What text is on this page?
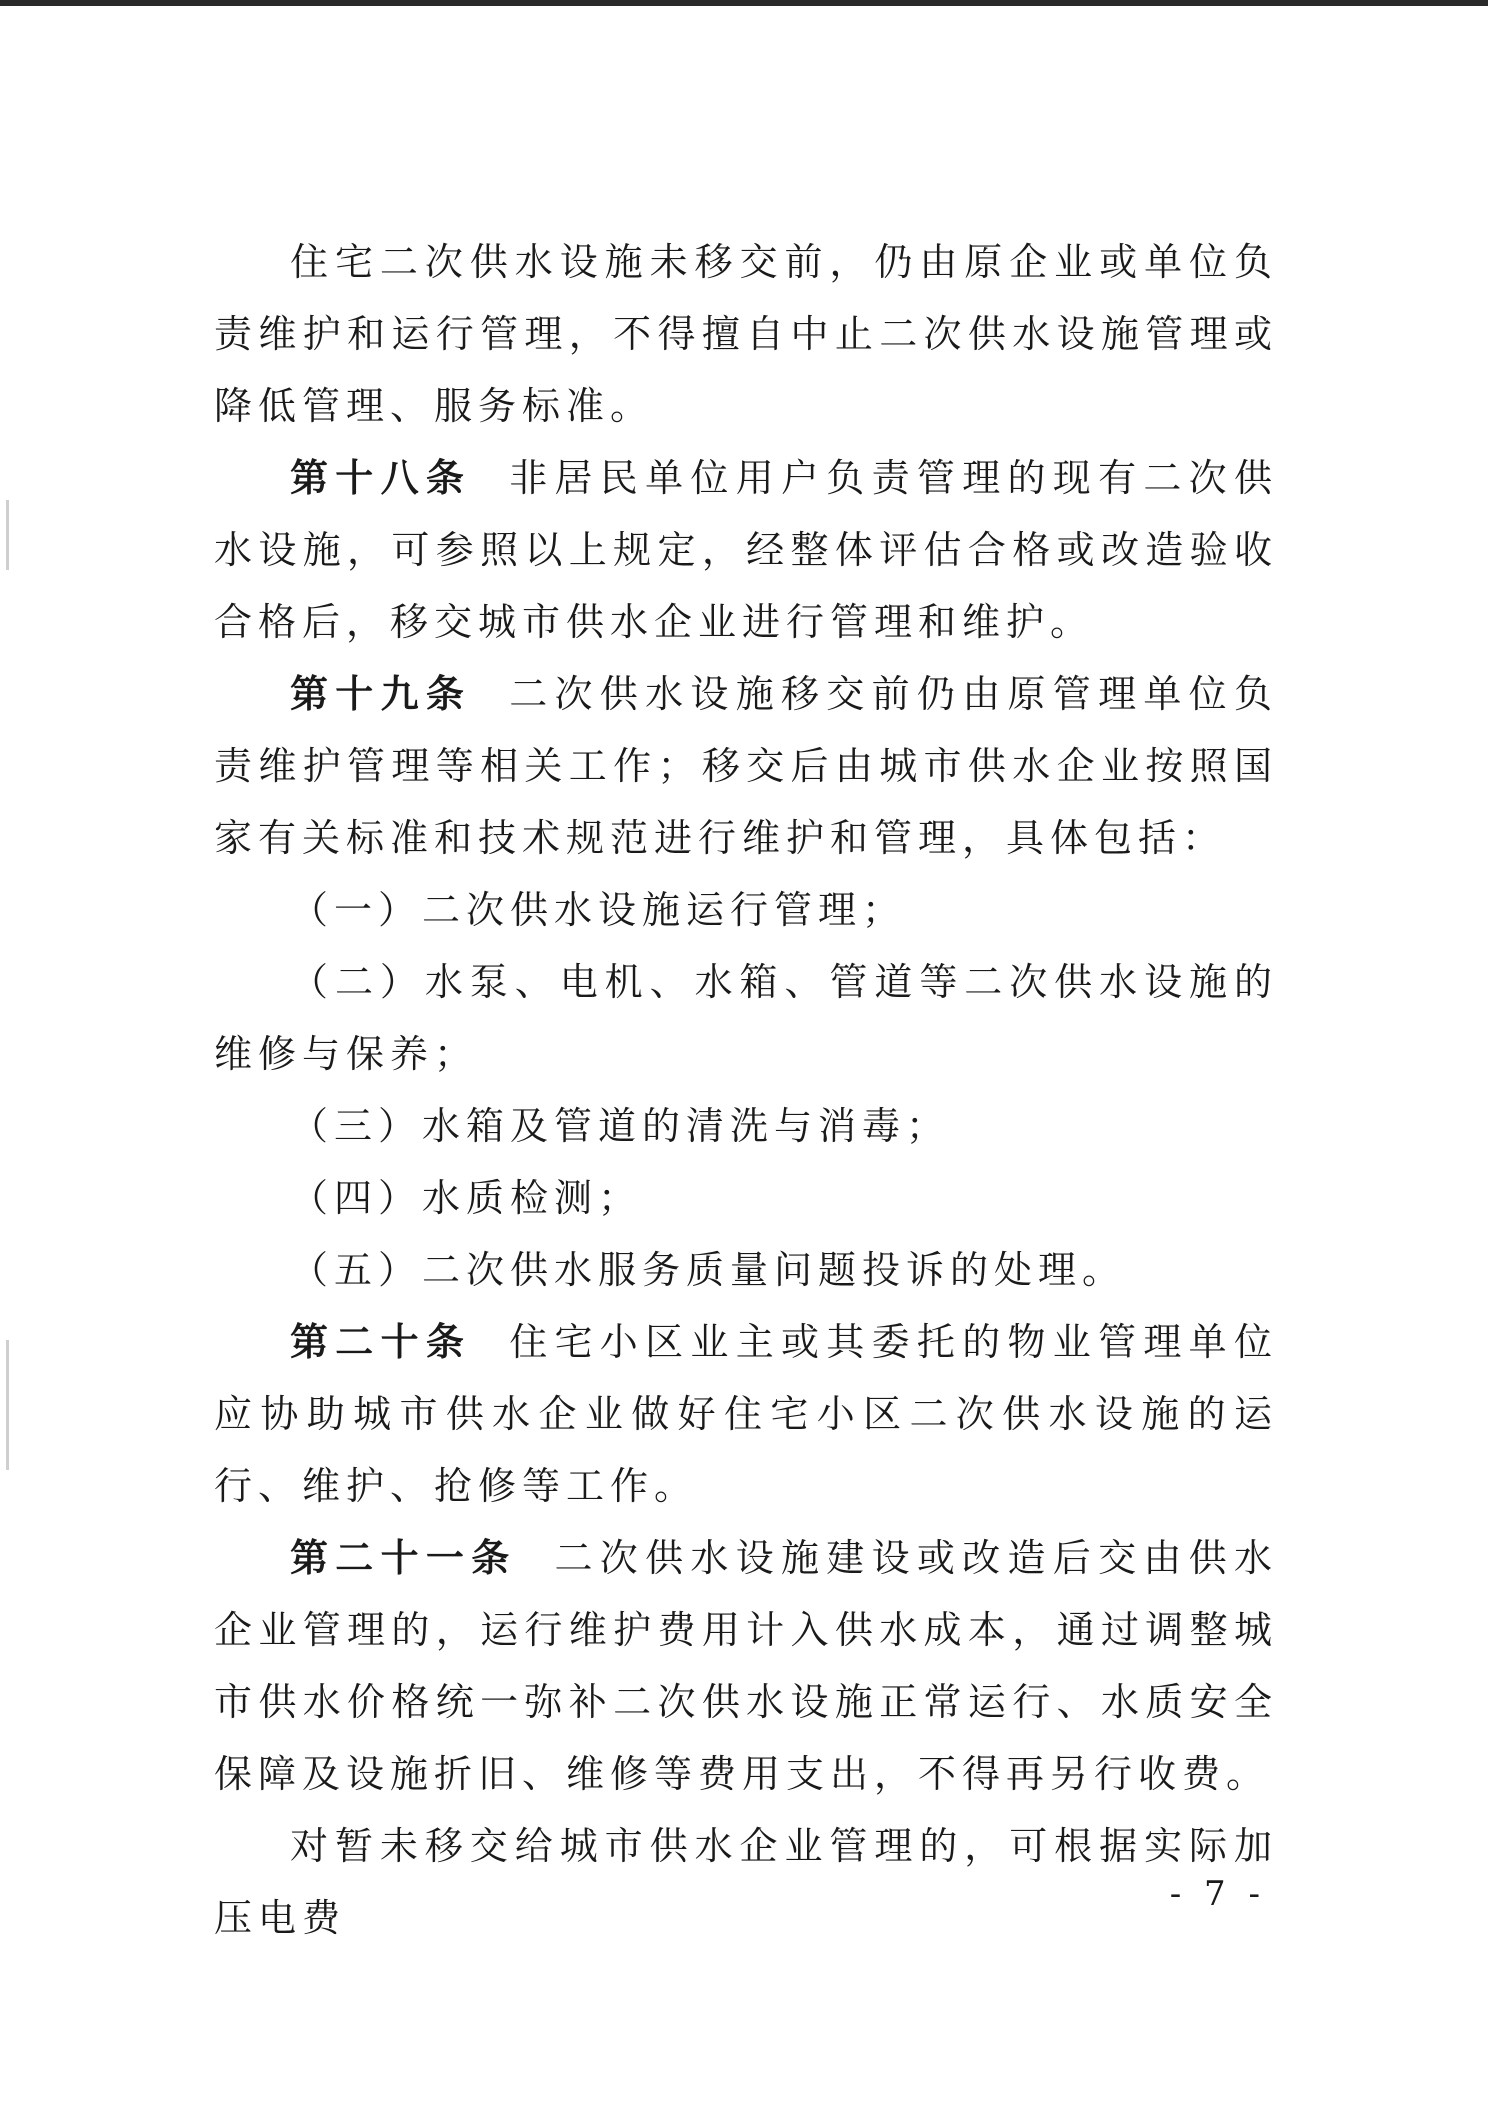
住宅二次供水设施未移交前，仍由原企业或单位负责维护和运行管理，不得擅自中止二次供水设施管理或降低管理、服务标准。

第十八条 非居民单位用户负责管理的现有二次供水设施，可参照以上规定，经整体评估合格或改造验收合格后，移交城市供水企业进行管理和维护。

第十九条 二次供水设施移交前仍由原管理单位负责维护管理等相关工作；移交后由城市供水企业按照国家有关标准和技术规范进行维护和管理，具体包括：

（一）二次供水设施运行管理；

（二）水泵、电机、水箱、管道等二次供水设施的维修与保养；

（三）水箱及管道的清洗与消毒；

（四）水质检测；

（五）二次供水服务质量问题投诉的处理。

第二十条 住宅小区业主或其委托的物业管理单位应协助城市供水企业做好住宅小区二次供水设施的运行、维护、抢修等工作。

第二十一条 二次供水设施建设或改造后交由供水企业管理的，运行维护费用计入供水成本，通过调整城市供水价格统一弥补二次供水设施正常运行、水质安全保障及设施折旧、维修等费用支出，不得再另行收费。

对暂未移交给城市供水企业管理的，可根据实际加压电费

- 7 -
